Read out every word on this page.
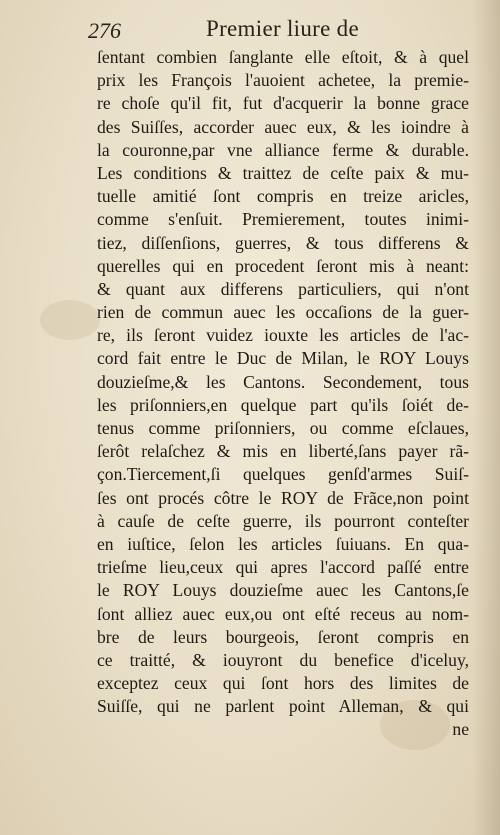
276	Premier liure de
ſentant combien ſanglante elle eſtoit, & à quel
prix les François l'auoient achetee, la premie-
re choſe qu'il fit, fut d'acquerir la bonne grace
des Suiſſes, accorder auec eux, & les ioindre à
la couronne,par vne alliance ferme & durable.
Les conditions & traittez de ceſte paix & mu-
tuelle amitié ſont compris en treize aricles,
comme s'enſuit. Premierement, toutes inimi-
tiez, diſſenſions, guerres, & tous differens &
querelles qui en procedent ſeront mis à neant:
& quant aux differens particuliers, qui n'ont
rien de commun auec les occaſions de la guer-
re, ils ſeront vuidez iouxte les articles de l'ac-
cord fait entre le Duc de Milan, le ROY Louys
douzieſme,& les Cantons. Secondement, tous
les priſonniers,en quelque part qu'ils ſoiét de-
tenus comme priſonniers, ou comme eſclaues,
ſerôt relaſchez & mis en liberté,ſans payer rã-
çon.Tiercement,ſi quelques genſd'armes Suiſ-
ſes ont procés côtre le ROY de Frãce,non point
à cauſe de ceſte guerre, ils pourront conteſter
en iuſtice, ſelon les articles ſuiuans. En qua-
trieſme lieu,ceux qui apres l'accord paſſé entre
le ROY Louys douzieſme auec les Cantons,ſe
ſont alliez auec eux,ou ont eſté receus au nom-
bre de leurs bourgeois, ſeront compris en
ce traitté, & iouyront du benefice d'iceluy,
exceptez ceux qui ſont hors des limites de
Suiſſe, qui ne parlent point Alleman, & qui
ne
